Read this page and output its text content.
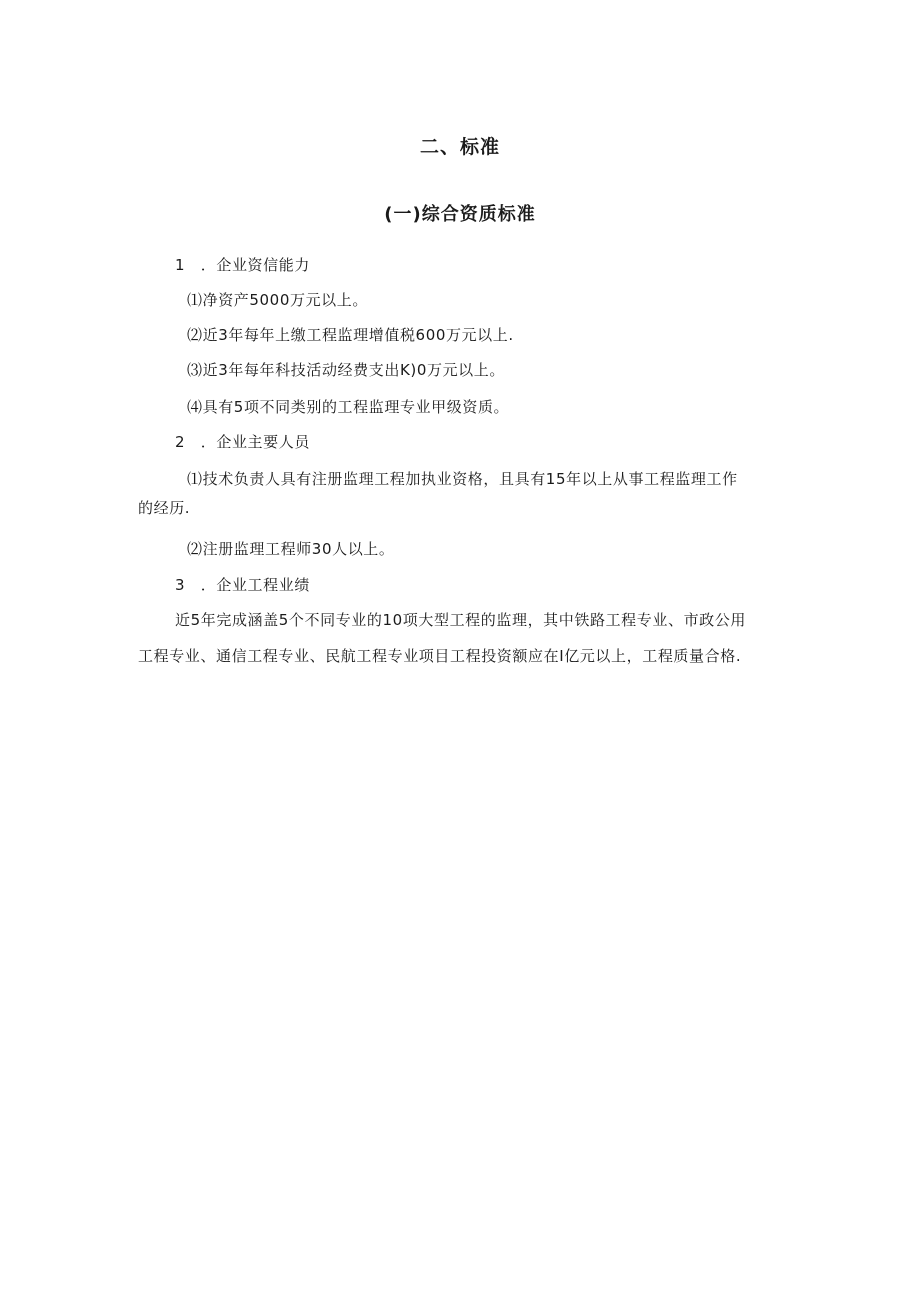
二、标准
(一)综合资质标准
1　．企业资信能力
⑴净资产5000万元以上。
⑵近3年每年上缴工程监理增值税600万元以上.
⑶近3年每年科技活动经费支出K)0万元以上。
⑷具有5项不同类别的工程监理专业甲级资质。
2　．企业主要人员
⑴技术负责人具有注册监理工程加执业资格，且具有15年以上从事工程监理工作
的经历.
⑵注册监理工程师30人以上。
3　．企业工程业绩
近5年完成涵盖5个不同专业的10项大型工程的监理，其中铁路工程专业、市政公用
工程专业、通信工程专业、民航工程专业项目工程投资额应在I亿元以上，工程质量合格.
